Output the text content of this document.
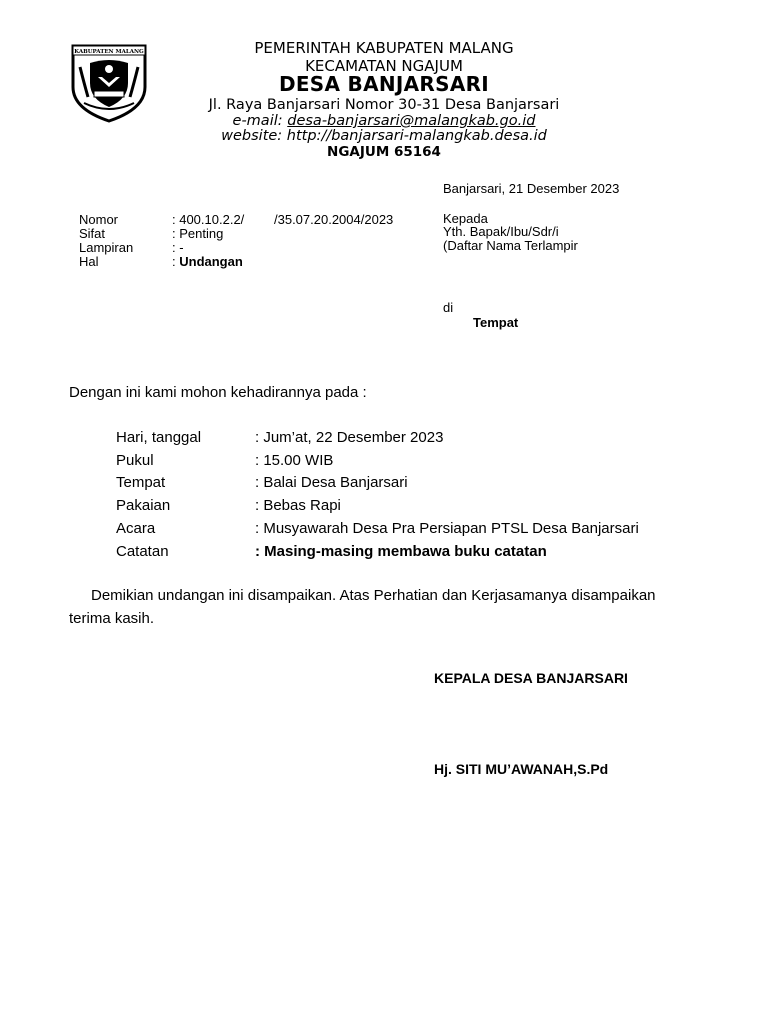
KABUPATEN MALANG	PEMERINTAH KABUPATEN MALANG
KECAMATAN NGAJUM
DESA BANJARSARI
Jl. Raya Banjarsari Nomor 30-31 Desa Banjarsari
e-mail: desa-banjarsari@malangkab.go.id
website: http://banjarsari-malangkab.desa.id
NGAJUM 65164
Banjarsari, 21 Desember 2023
Nomor	: 400.10.2.2/ /35.07.20.2004/2023
Sifat	: Penting
Lampiran	: -
Hal	: Undangan
Kepada
Yth. Bapak/Ibu/Sdr/i
(Daftar Nama Terlampir
di
Tempat
Dengan ini kami mohon kehadirannya pada :
Hari, tanggal	: Jum’at, 22 Desember 2023
Pukul	: 15.00 WIB
Tempat	: Balai Desa Banjarsari
Pakaian	: Bebas Rapi
Acara	: Musyawarah Desa Pra Persiapan PTSL Desa Banjarsari
Catatan	: Masing-masing membawa buku catatan
Demikian undangan ini disampaikan. Atas Perhatian dan Kerjasamanya disampaikan
terima kasih.
KEPALA DESA BANJARSARI
Hj. SITI MU’AWANAH,S.Pd
